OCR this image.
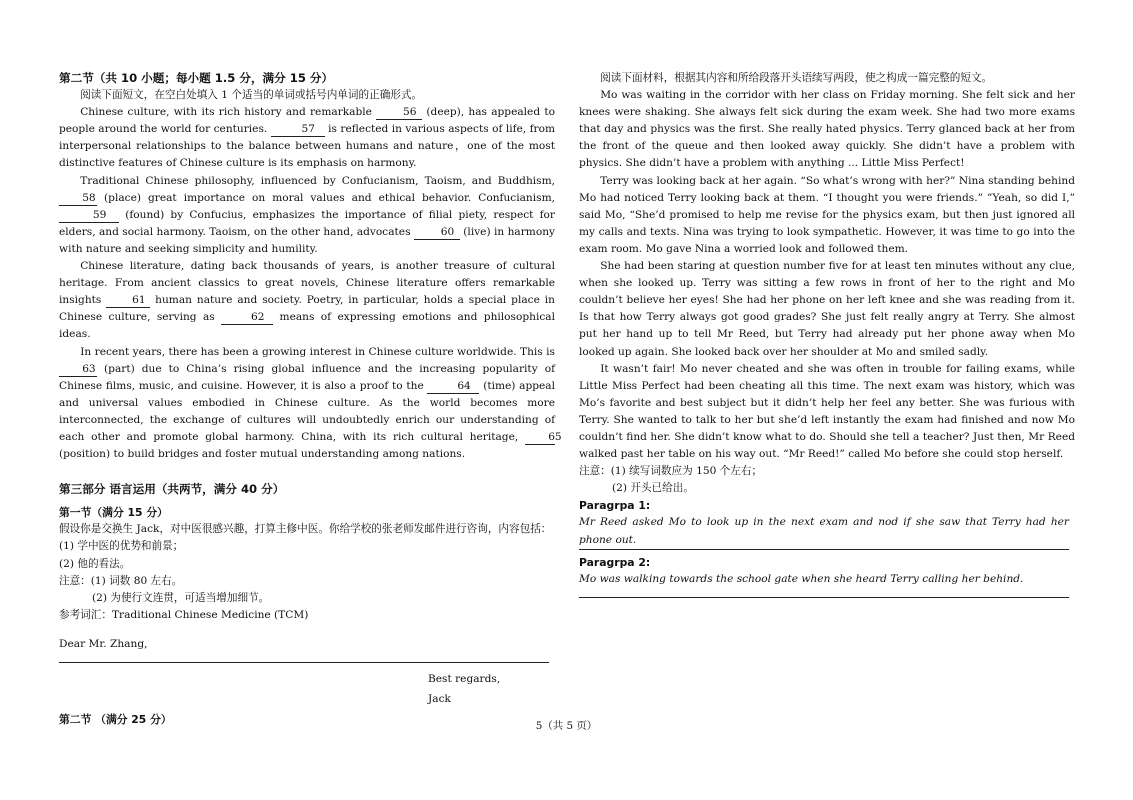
第二节（共 10 小题；每小题 1.5 分，满分 15 分）

阅读下面短文，在空白处填入 1 个适当的单词或括号内单词的正确形式。

Chinese culture, with its rich history and remarkable	56 (deep), has appealed to people around the world for centuries.	57 is reflected in various aspects of life, from interpersonal relationships to the balance between humans and nature，one of the most distinctive features of Chinese culture is its emphasis on harmony.

Traditional Chinese philosophy, influenced by Confucianism, Taoism, and Buddhism, 58 (place) great importance on moral values and ethical behavior. Confucianism, 59 (found) by Confucius, emphasizes the importance of filial piety, respect for elders, and social harmony. Taoism, on the other hand, advocates	60 (live) in harmony with nature and seeking simplicity and humility.

Chinese literature, dating back thousands of years, is another treasure of cultural heritage. From ancient classics to great novels, Chinese literature offers remarkable insights 61 human nature and society. Poetry, in particular, holds a special place in Chinese culture, serving as	62 means of expressing emotions and philosophical ideas.

In recent years, there has been a growing interest in Chinese culture worldwide. This is 63 (part) due to China’s rising global influence and the increasing popularity of Chinese films, music, and cuisine. However, it is also a proof to the	64 (time) appeal and universal values embodied in Chinese culture. As the world becomes more interconnected, the exchange of cultures will undoubtedly enrich our understanding of each other and promote global harmony. China, with its rich cultural heritage, 65 (position) to build bridges and foster mutual understanding among nations.

第三部分 语言运用（共两节，满分 40 分）
第一节（满分 15 分）

假设你是交换生 Jack，对中医很感兴趣，打算主修中医。你给学校的张老师发邮件进行咨询，内容包括：

(1) 学中医的优势和前景；

(2) 他的看法。

注意：(1) 词数 80 左右。

(2) 为使行文连贯，可适当增加细节。

参考词汇：Traditional Chinese Medicine (TCM)

Dear Mr. Zhang,

Best regards,

Jack

第二节 （满分 25 分）

阅读下面材料，根据其内容和所给段落开头语续写两段，使之构成一篇完整的短文。

Mo was waiting in the corridor with her class on Friday morning. She felt sick and her knees were shaking. She always felt sick during the exam week. She had two more exams that day and physics was the first. She really hated physics. Terry glanced back at her from the front of the queue and then looked away quickly. She didn’t have a problem with physics. She didn’t have a problem with anything ... Little Miss Perfect!

Terry was looking back at her again. “So what’s wrong with her?” Nina standing behind Mo had noticed Terry looking back at them. “I thought you were friends.” ”Yeah, so did I,” said Mo, “She’d promised to help me revise for the physics exam, but then just ignored all my calls and texts. Nina was trying to look sympathetic. However, it was time to go into the exam room. Mo gave Nina a worried look and followed them.

She had been staring at question number five for at least ten minutes without any clue, when she looked up. Terry was sitting a few rows in front of her to the right and Mo couldn’t believe her eyes! She had her phone on her left knee and she was reading from it. Is that how Terry always got good grades? She just felt really angry at Terry. She almost put her hand up to tell Mr Reed, but Terry had already put her phone away when Mo looked up again. She looked back over her shoulder at Mo and smiled sadly.

It wasn’t fair! Mo never cheated and she was often in trouble for failing exams, while Little Miss Perfect had been cheating all this time. The next exam was history, which was Mo’s favorite and best subject but it didn’t help her feel any better. She was furious with Terry. She wanted to talk to her but she’d left instantly the exam had finished and now Mo couldn’t find her. She didn’t know what to do. Should she tell a teacher? Just then, Mr Reed walked past her table on his way out. “Mr Reed!” called Mo before she could stop herself.

注意：(1) 续写词数应为 150 个左右；

(2) 开头已给出。

Paragrpa 1:

Mr Reed asked Mo to look up in the next exam and nod if she saw that Terry had her phone out.

Paragrpa 2:

Mo was walking towards the school gate when she heard Terry calling her behind.

5（共 5 页）
